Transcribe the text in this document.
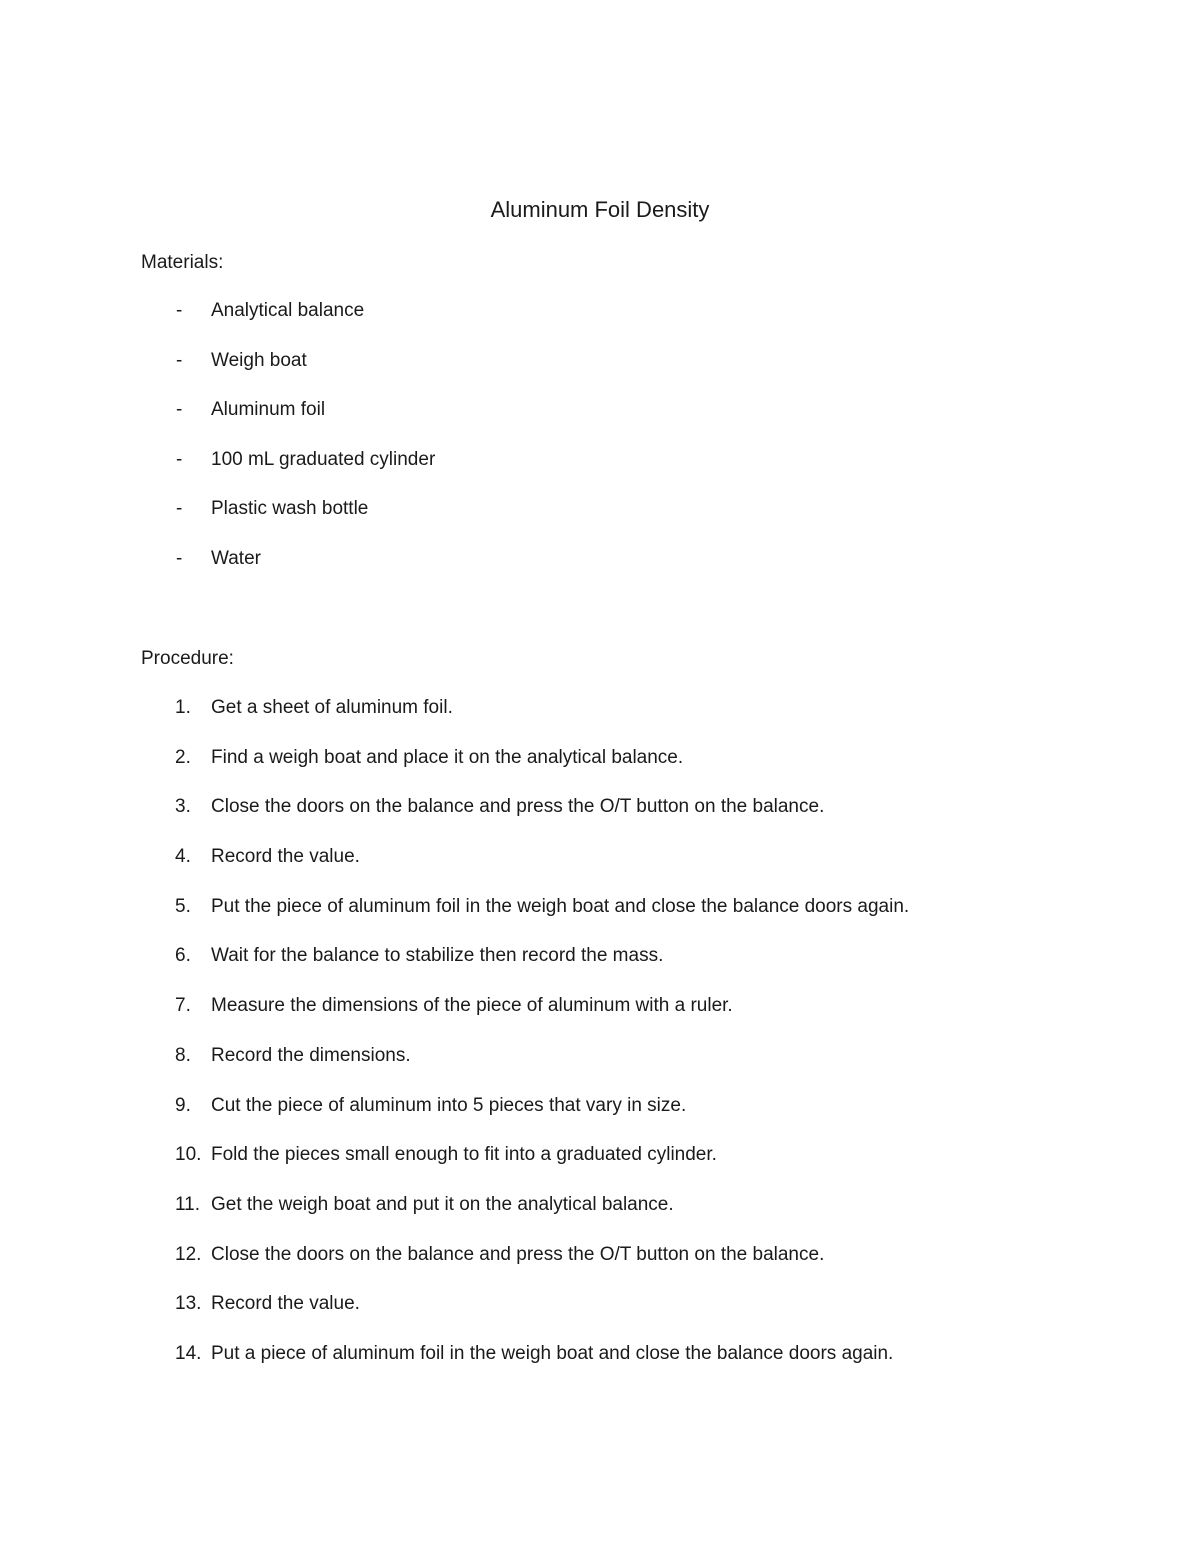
Aluminum Foil Density
Materials:
- Analytical balance
- Weigh boat
- Aluminum foil
- 100 mL graduated cylinder
- Plastic wash bottle
- Water
Procedure:
1. Get a sheet of aluminum foil.
2. Find a weigh boat and place it on the analytical balance.
3. Close the doors on the balance and press the O/T button on the balance.
4. Record the value.
5. Put the piece of aluminum foil in the weigh boat and close the balance doors again.
6. Wait for the balance to stabilize then record the mass.
7. Measure the dimensions of the piece of aluminum with a ruler.
8. Record the dimensions.
9. Cut the piece of aluminum into 5 pieces that vary in size.
10. Fold the pieces small enough to fit into a graduated cylinder.
11. Get the weigh boat and put it on the analytical balance.
12. Close the doors on the balance and press the O/T button on the balance.
13. Record the value.
14. Put a piece of aluminum foil in the weigh boat and close the balance doors again.
